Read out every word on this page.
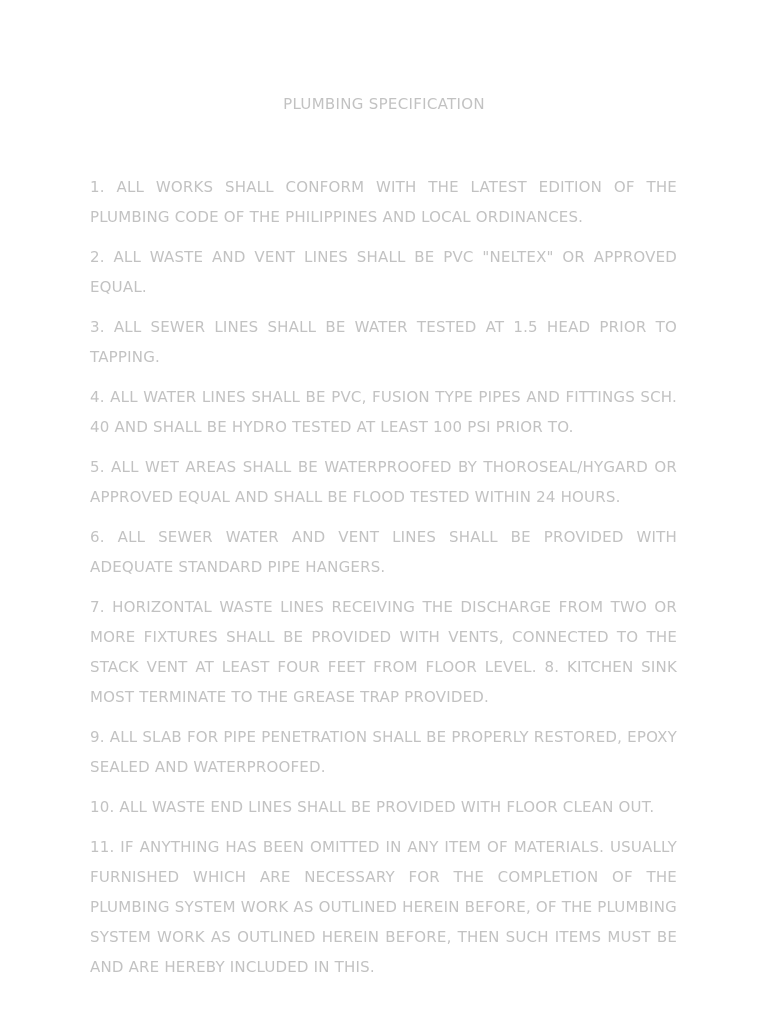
PLUMBING SPECIFICATION
1. ALL WORKS SHALL CONFORM WITH THE LATEST EDITION OF THE PLUMBING CODE OF THE PHILIPPINES AND LOCAL ORDINANCES.
2. ALL WASTE AND VENT LINES SHALL BE PVC "NELTEX" OR APPROVED EQUAL.
3. ALL SEWER LINES SHALL BE WATER TESTED AT 1.5 HEAD PRIOR TO TAPPING.
4. ALL WATER LINES SHALL BE PVC, FUSION TYPE PIPES AND FITTINGS SCH. 40 AND SHALL BE HYDRO TESTED AT LEAST 100 PSI PRIOR TO.
5. ALL WET AREAS SHALL BE WATERPROOFED BY THOROSEAL/HYGARD OR APPROVED EQUAL AND SHALL BE FLOOD TESTED WITHIN 24 HOURS.
6. ALL SEWER WATER AND VENT LINES SHALL BE PROVIDED WITH ADEQUATE STANDARD PIPE HANGERS.
7. HORIZONTAL WASTE LINES RECEIVING THE DISCHARGE FROM TWO OR MORE FIXTURES SHALL BE PROVIDED WITH VENTS, CONNECTED TO THE STACK VENT AT LEAST FOUR FEET FROM FLOOR LEVEL. 8. KITCHEN SINK MOST TERMINATE TO THE GREASE TRAP PROVIDED.
9. ALL SLAB FOR PIPE PENETRATION SHALL BE PROPERLY RESTORED, EPOXY SEALED AND WATERPROOFED.
10. ALL WASTE END LINES SHALL BE PROVIDED WITH FLOOR CLEAN OUT.
11. IF ANYTHING HAS BEEN OMITTED IN ANY ITEM OF MATERIALS. USUALLY FURNISHED WHICH ARE NECESSARY FOR THE COMPLETION OF THE PLUMBING SYSTEM WORK AS OUTLINED HEREIN BEFORE, OF THE PLUMBING SYSTEM WORK AS OUTLINED HEREIN BEFORE, THEN SUCH ITEMS MUST BE AND ARE HEREBY INCLUDED IN THIS.
